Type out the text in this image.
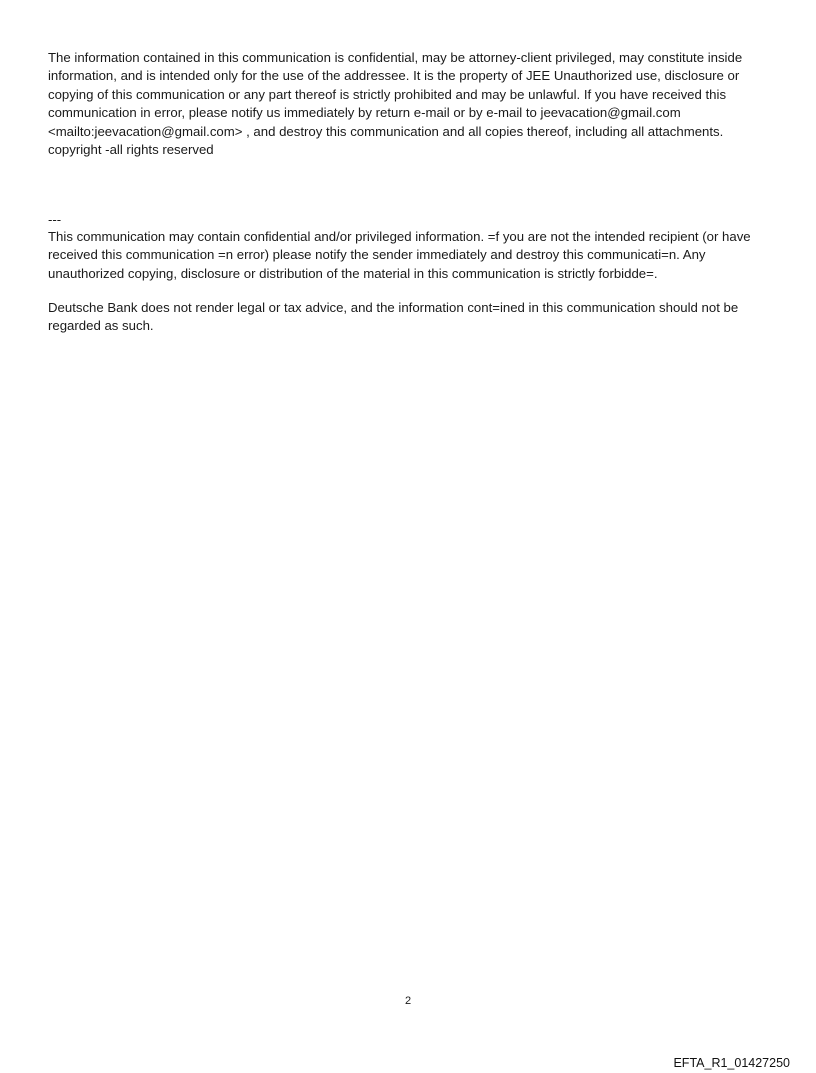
The information contained in this communication is confidential, may be attorney-client privileged, may constitute inside information, and is intended only for the use of the addressee. It is the property of JEE Unauthorized use, disclosure or copying of this communication or any part thereof is strictly prohibited and may be unlawful. If you have received this communication in error, please notify us immediately by return e-mail or by e-mail to jeevacation@gmail.com <mailto:jeevacation@gmail.com> , and destroy this communication and all copies thereof, including all attachments. copyright -all rights reserved

---

This communication may contain confidential and/or privileged information. =f you are not the intended recipient (or have received this communication =n error) please notify the sender immediately and destroy this communicati=n. Any unauthorized copying, disclosure or distribution of the material in this communication is strictly forbidde=.

Deutsche Bank does not render legal or tax advice, and the information cont=ined in this communication should not be regarded as such.

2
EFTA_R1_01427250
